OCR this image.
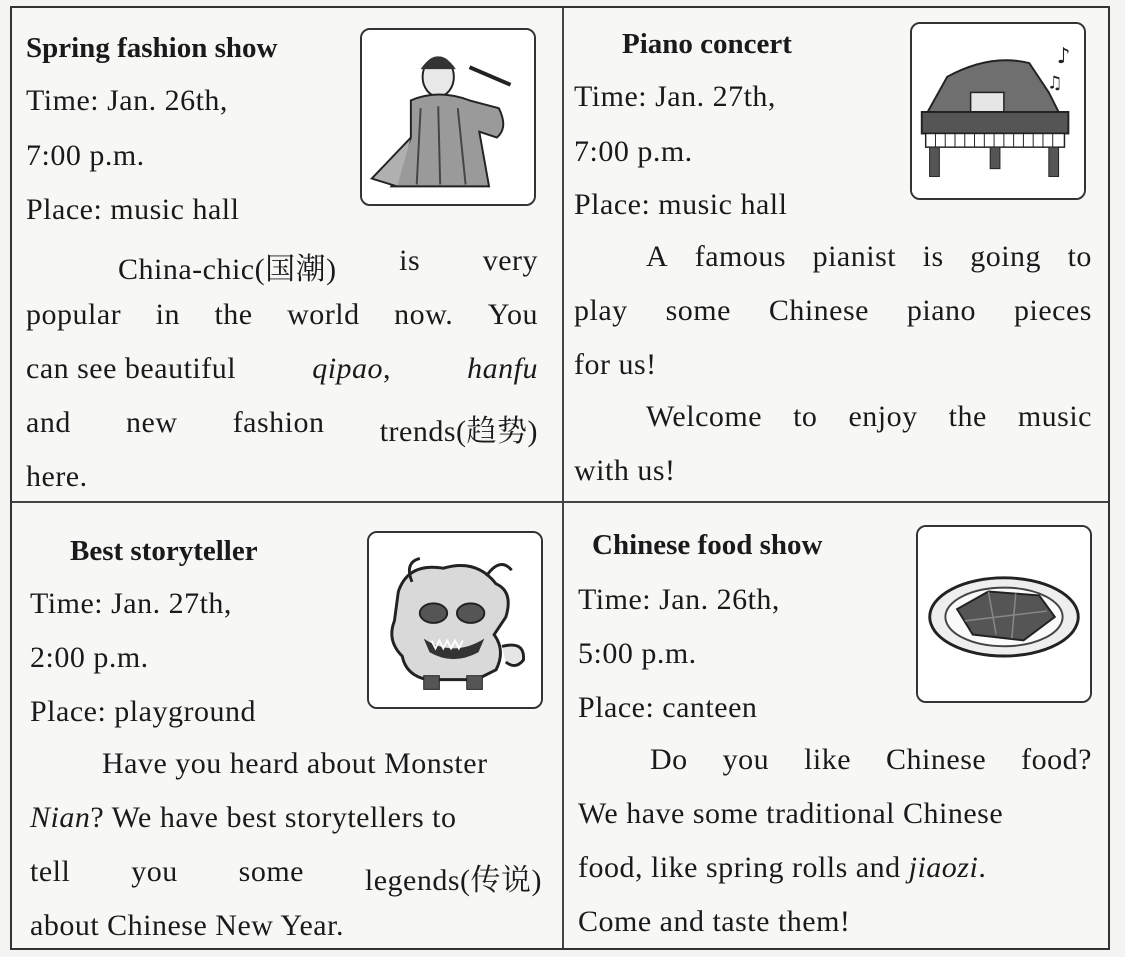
Spring fashion show
Time: Jan. 26th,
7:00 p.m.
Place: music hall
China-chic(国潮) is very
popular in the world now. You
can see beautiful	qipao,	hanfu
and new fashion trends(趋势)
here.
Piano concert
Time: Jan. 27th,
7:00 p.m.
Place: music hall
A famous pianist is going to
play some Chinese piano pieces
for us!
Welcome to enjoy the music
with us!
♪
♫
Best storyteller
Time: Jan. 27th,
2:00 p.m.
Place: playground
Have you heard about Monster
Nian? We have best storytellers to
tell you some legends(传说)
about Chinese New Year.
Chinese food show
Time: Jan. 26th,
5:00 p.m.
Place: canteen
Do you like Chinese food?
We have some traditional Chinese
food, like spring rolls and jiaozi.
Come and taste them!
